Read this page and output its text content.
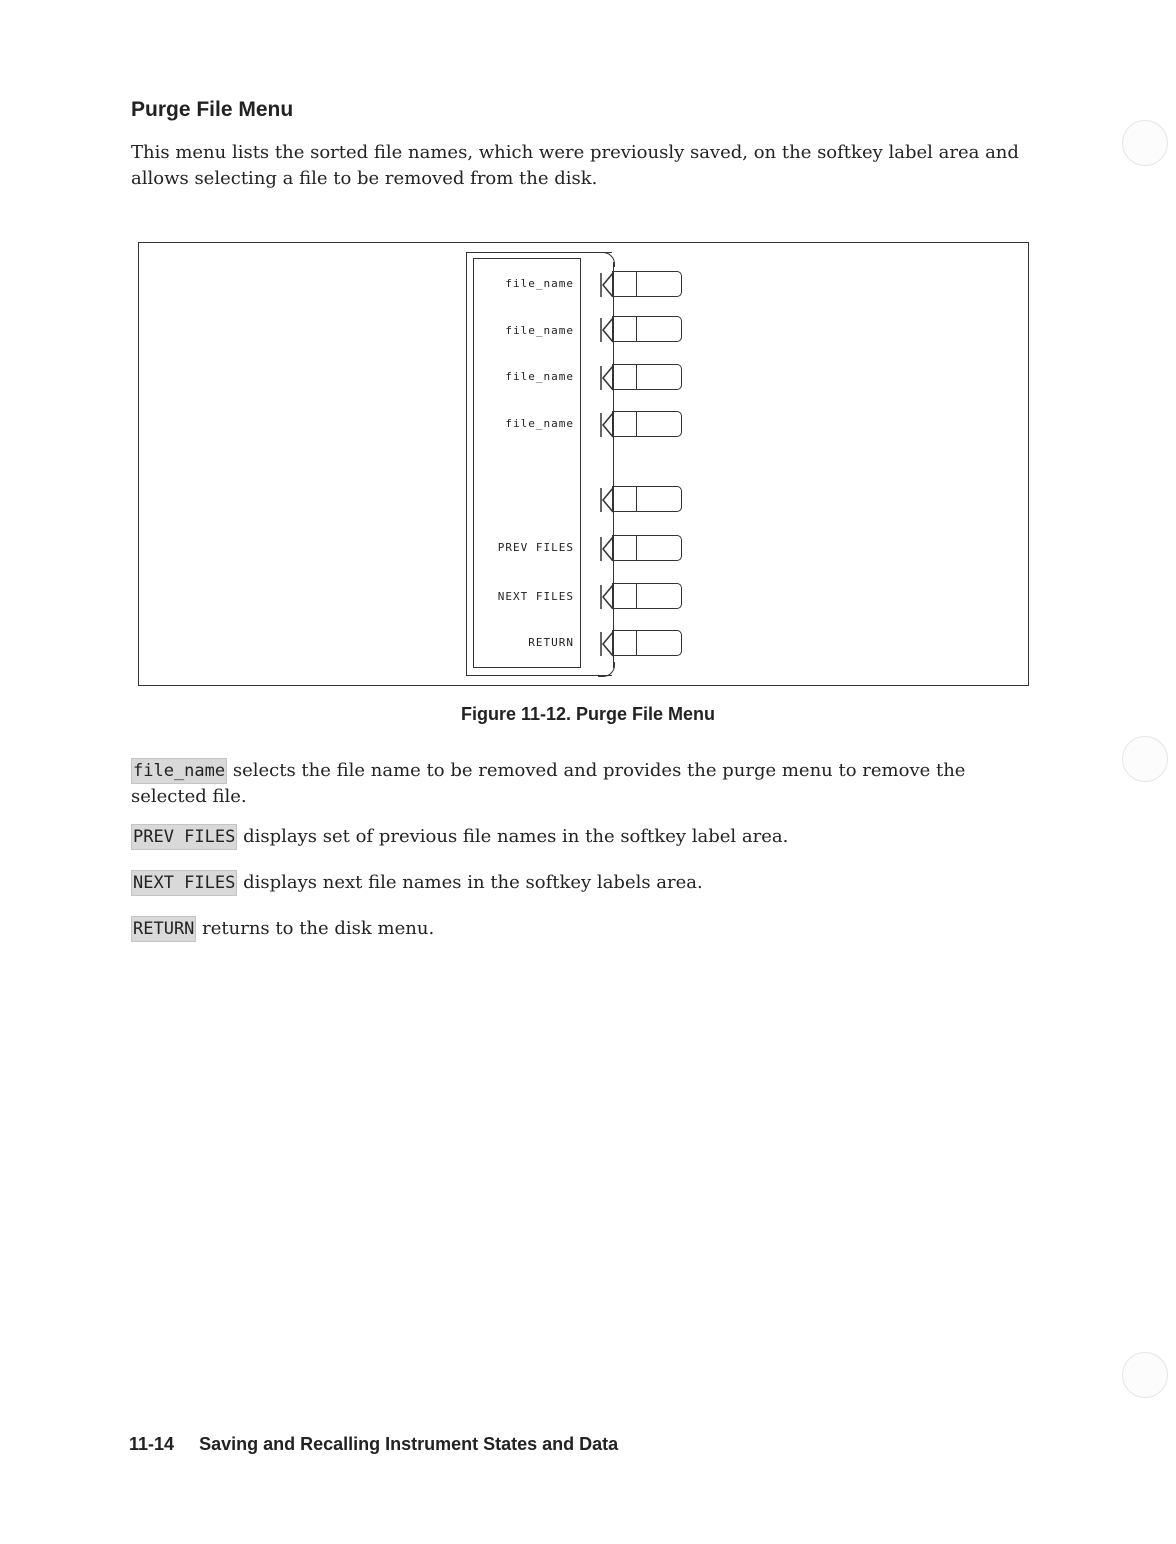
Purge File Menu

This menu lists the sorted file names, which were previously saved, on the softkey label area and allows selecting a file to be removed from the disk.

file_name
file_name
file_name
file_name
PREV FILES
NEXT FILES
RETURN
Figure 11-12. Purge File Menu

file_name selects the file name to be removed and provides the purge menu to remove the selected file.

PREV FILES displays set of previous file names in the softkey label area.

NEXT FILES displays next file names in the softkey labels area.

RETURN returns to the disk menu.

11-14 Saving and Recalling Instrument States and Data
